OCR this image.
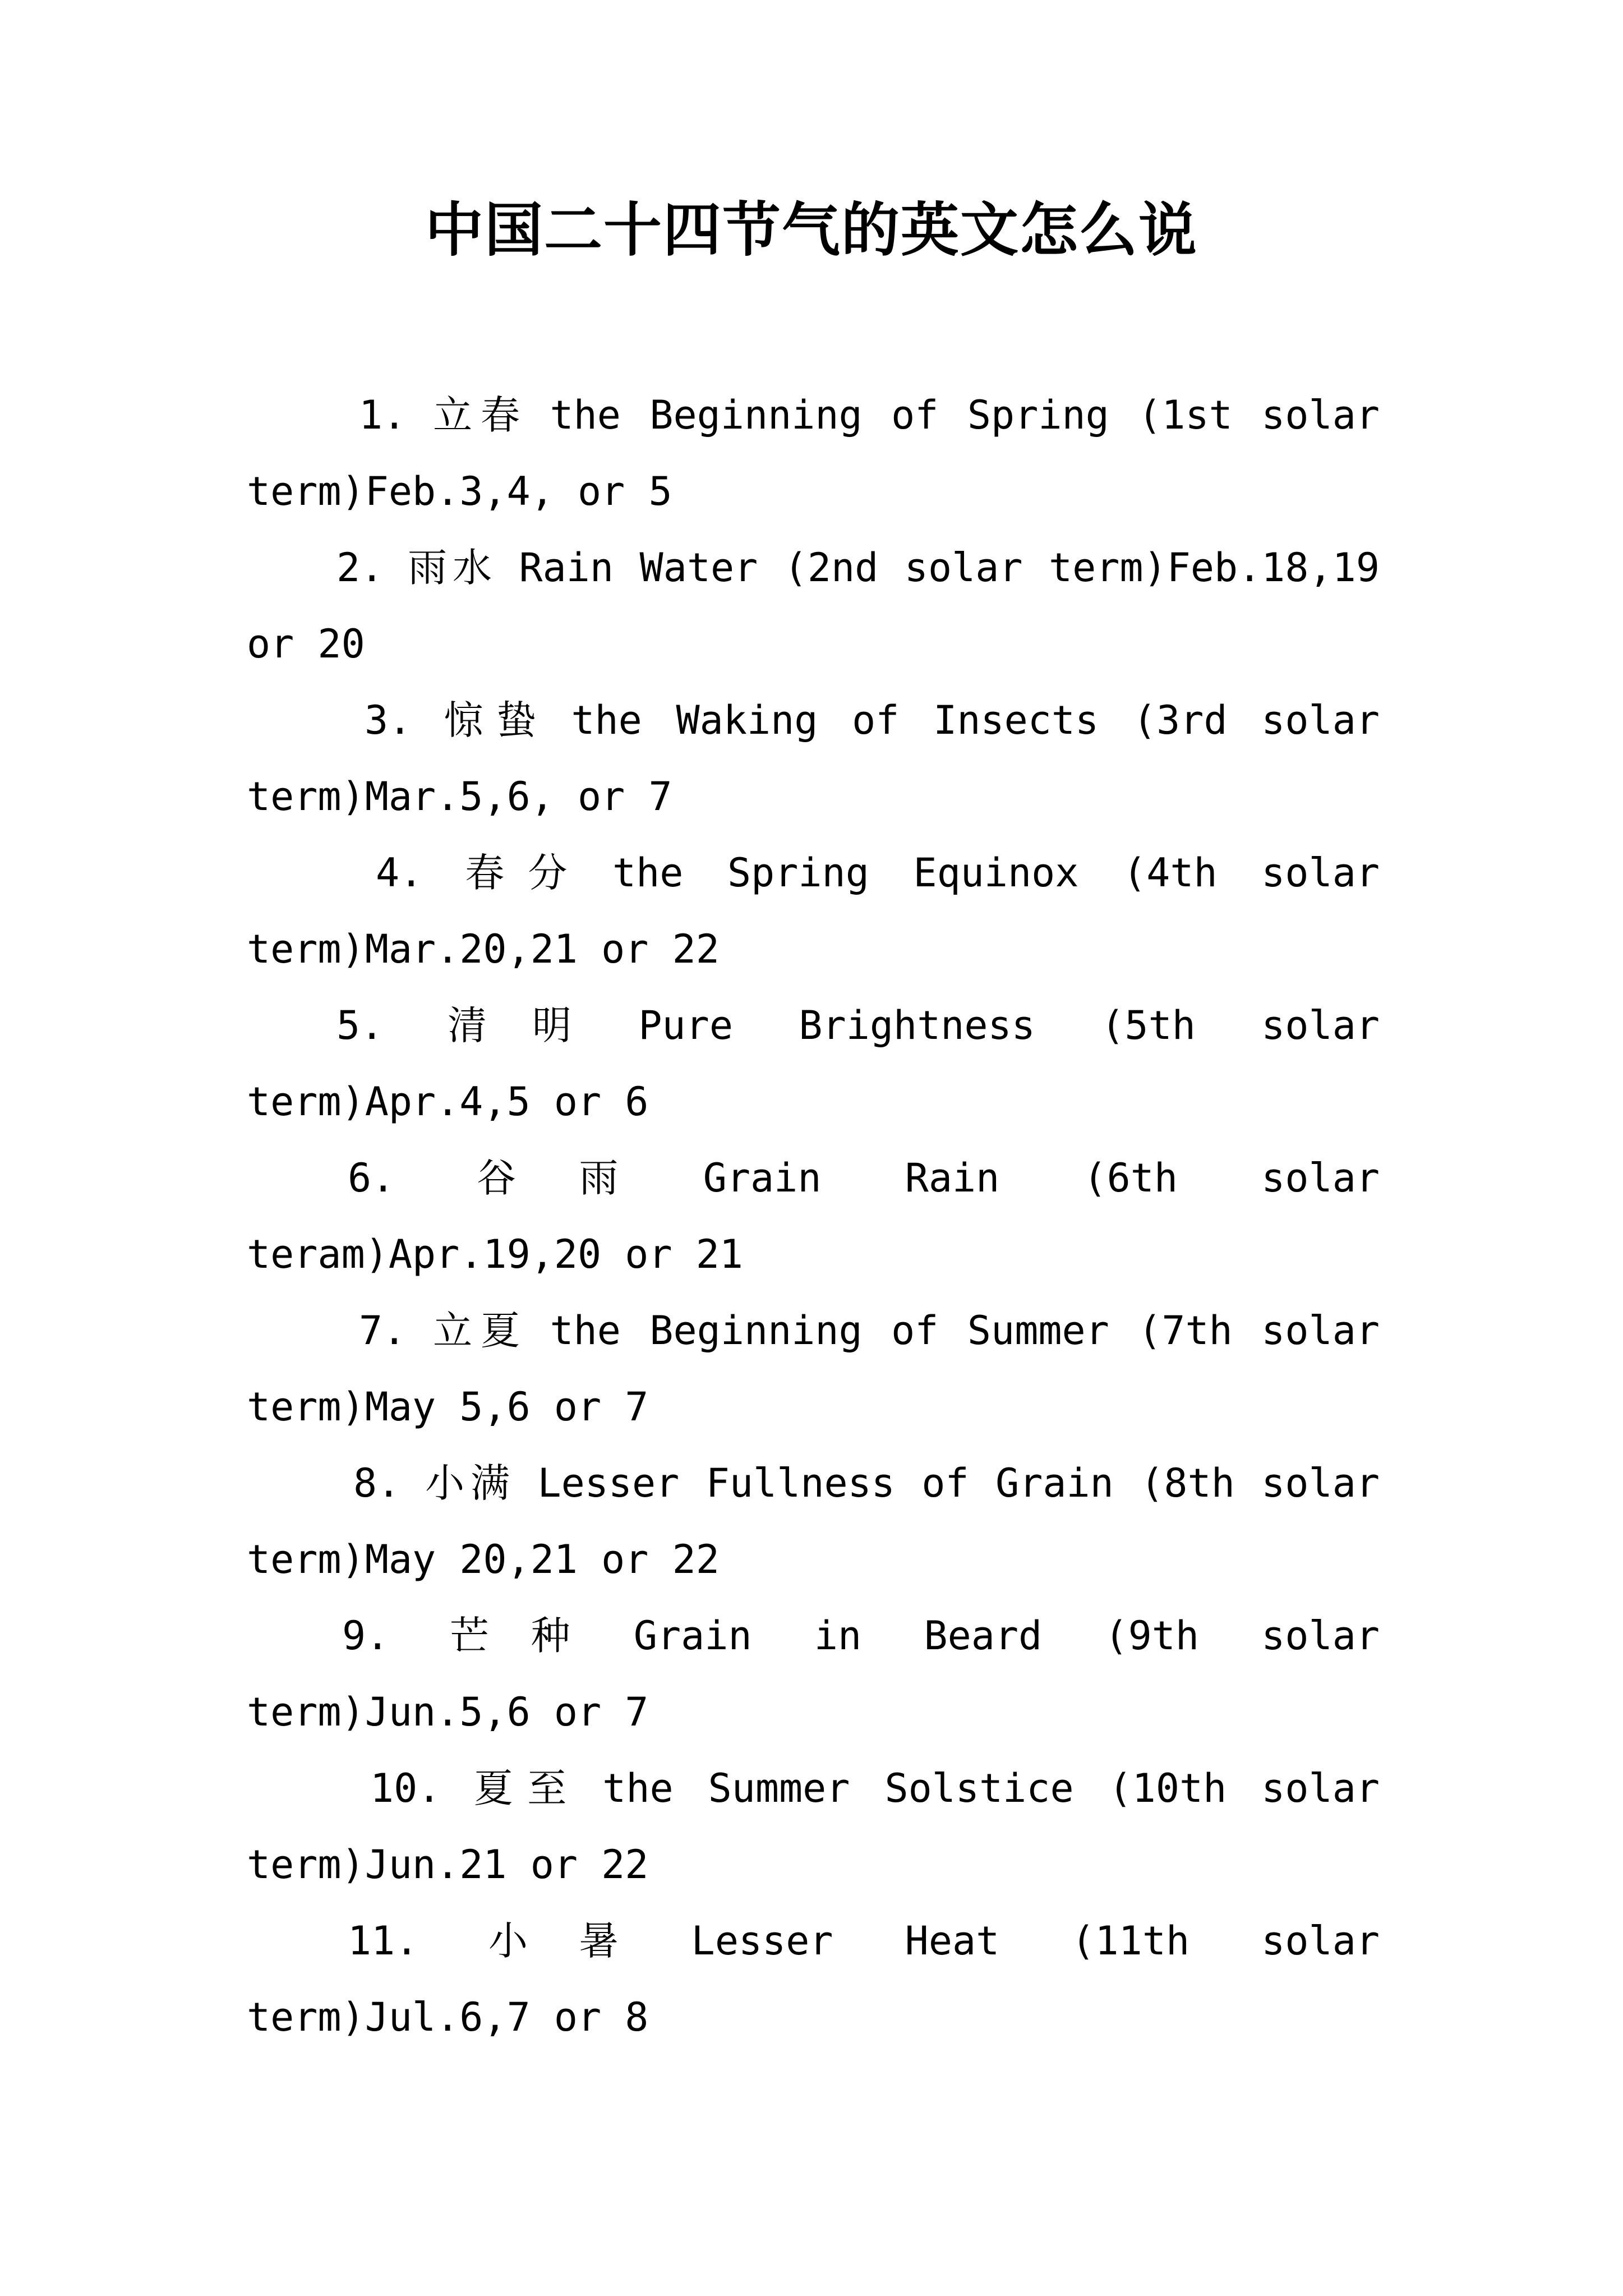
中国二十四节气的英文怎么说

1. 立春 the Beginning of Spring (1st solar term)Feb.3,4, or 5

2. 雨水 Rain Water (2nd solar term)Feb.18,19 or 20

3. 惊蛰 the Waking of Insects (3rd solar term)Mar.5,6, or 7

4. 春分 the Spring Equinox (4th solar term)Mar.20,21 or 22

5. 清明 Pure Brightness (5th solar term)Apr.4,5 or 6

6. 谷雨 Grain Rain (6th solar teram)Apr.19,20 or 21

7. 立夏 the Beginning of Summer (7th solar term)May 5,6 or 7

8. 小满 Lesser Fullness of Grain (8th solar term)May 20,21 or 22

9. 芒种 Grain in Beard (9th solar term)Jun.5,6 or 7

10. 夏至 the Summer Solstice (10th solar term)Jun.21 or 22

11. 小暑 Lesser Heat (11th solar term)Jul.6,7 or 8
